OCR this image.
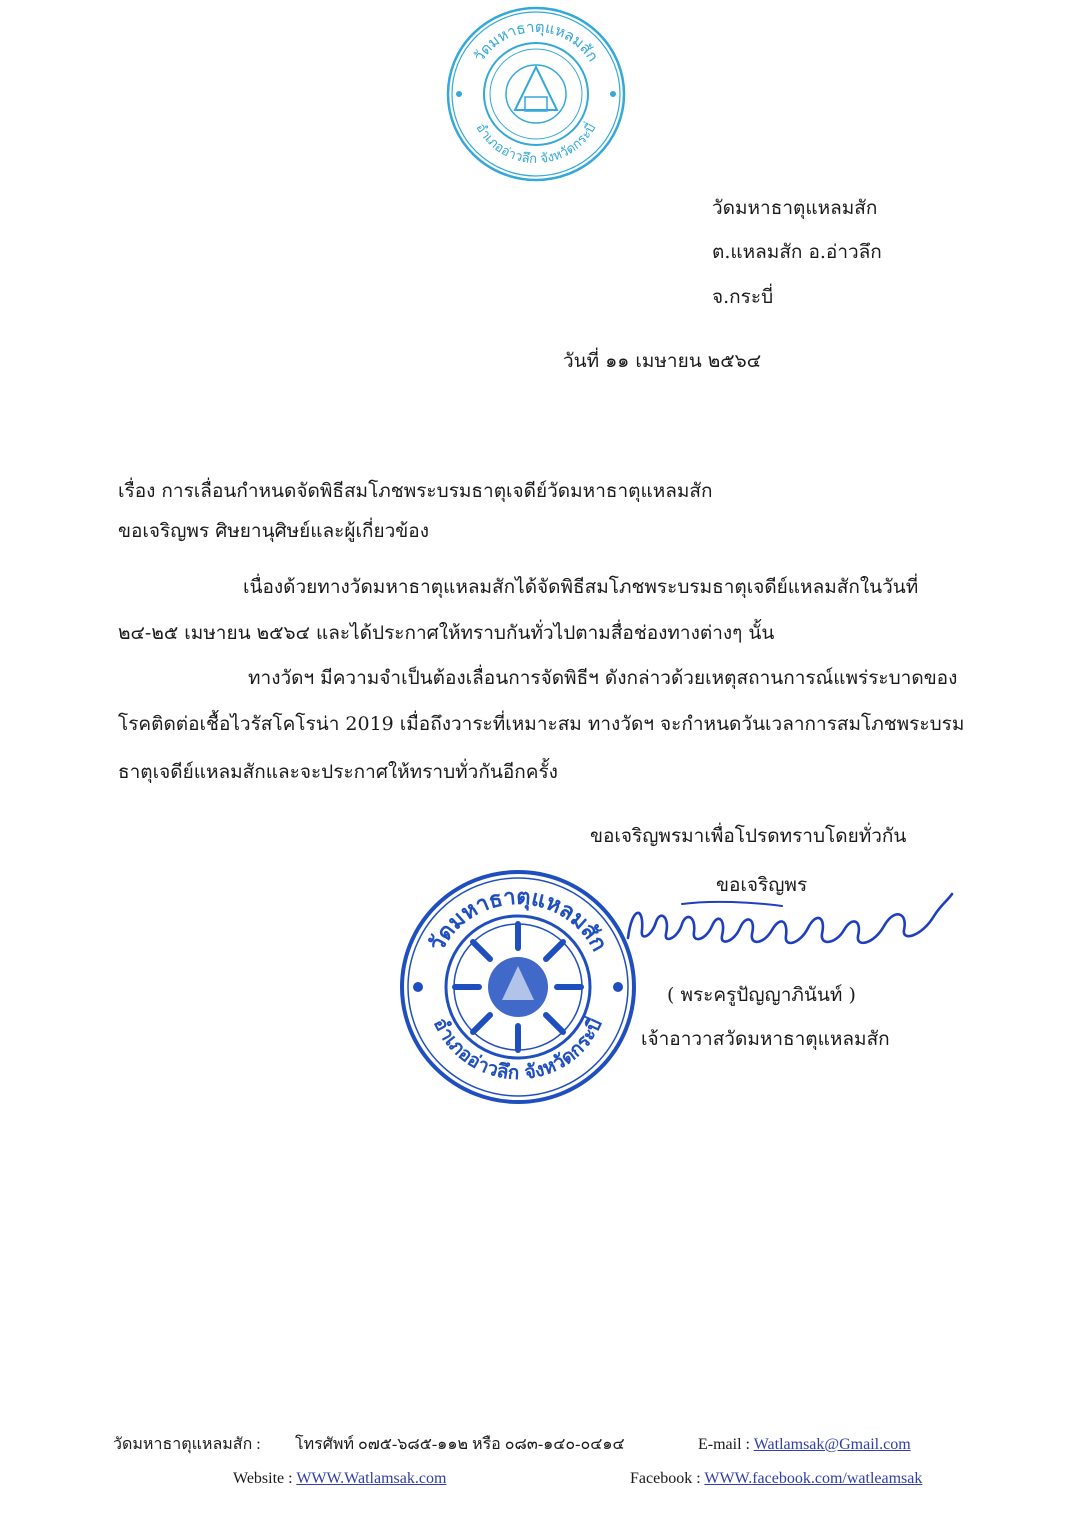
วัดมหาธาตุแหลมสัก
อำเภออ่าวลึก จังหวัดกระบี่
วัดมหาธาตุแหลมสัก
ต.แหลมสัก อ.อ่าวลึก
จ.กระบี่
วันที่ ๑๑ เมษายน ๒๕๖๔
เรื่อง การเลื่อนกำหนดจัดพิธีสมโภชพระบรมธาตุเจดีย์วัดมหาธาตุแหลมสัก
ขอเจริญพร ศิษยานุศิษย์และผู้เกี่ยวข้อง
เนื่องด้วยทางวัดมหาธาตุแหลมสักได้จัดพิธีสมโภชพระบรมธาตุเจดีย์แหลมสักในวันที่
๒๔-๒๕ เมษายน ๒๕๖๔ และได้ประกาศให้ทราบกันทั่วไปตามสื่อช่องทางต่างๆ นั้น
ทางวัดฯ มีความจำเป็นต้องเลื่อนการจัดพิธีฯ ดังกล่าวด้วยเหตุสถานการณ์แพร่ระบาดของ
โรคติดต่อเชื้อไวรัสโคโรน่า 2019 เมื่อถึงวาระที่เหมาะสม ทางวัดฯ จะกำหนดวันเวลาการสมโภชพระบรม
ธาตุเจดีย์แหลมสักและจะประกาศให้ทราบทั่วกันอีกครั้ง
ขอเจริญพรมาเพื่อโปรดทราบโดยทั่วกัน
ขอเจริญพร
วัดมหาธาตุแหลมสัก
อำเภออ่าวลึก จังหวัดกระบี่
( พระครูปัญญาภินันท์ )
เจ้าอาวาสวัดมหาธาตุแหลมสัก
วัดมหาธาตุแหลมสัก : โทรศัพท์ ๐๗๕-๖๘๕-๑๑๒ หรือ ๐๘๓-๑๔๐-๐๔๑๔	E-mail : Watlamsak@Gmail.com
Website : WWW.Watlamsak.com	Facebook : WWW.facebook.com/watleamsak
